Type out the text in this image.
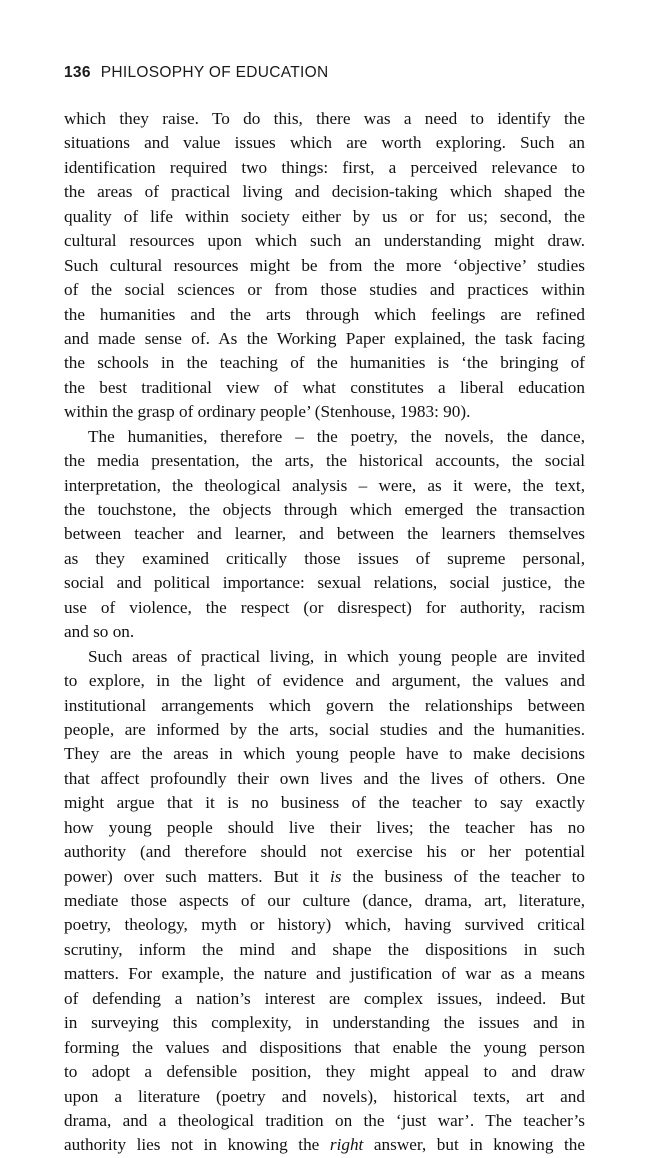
136 PHILOSOPHY OF EDUCATION
which they raise. To do this, there was a need to identify the
situations and value issues which are worth exploring. Such an
identification required two things: first, a perceived relevance to
the areas of practical living and decision-taking which shaped the
quality of life within society either by us or for us; second, the
cultural resources upon which such an understanding might draw.
Such cultural resources might be from the more ‘objective’ studies
of the social sciences or from those studies and practices within
the humanities and the arts through which feelings are refined
and made sense of. As the Working Paper explained, the task facing
the schools in the teaching of the humanities is ‘the bringing of
the best traditional view of what constitutes a liberal education
within the grasp of ordinary people’ (Stenhouse, 1983: 90).
The humanities, therefore – the poetry, the novels, the dance,
the media presentation, the arts, the historical accounts, the social
interpretation, the theological analysis – were, as it were, the text,
the touchstone, the objects through which emerged the transaction
between teacher and learner, and between the learners themselves
as they examined critically those issues of supreme personal,
social and political importance: sexual relations, social justice, the
use of violence, the respect (or disrespect) for authority, racism
and so on.
Such areas of practical living, in which young people are invited
to explore, in the light of evidence and argument, the values and
institutional arrangements which govern the relationships between
people, are informed by the arts, social studies and the humanities.
They are the areas in which young people have to make decisions
that affect profoundly their own lives and the lives of others. One
might argue that it is no business of the teacher to say exactly
how young people should live their lives; the teacher has no
authority (and therefore should not exercise his or her potential
power) over such matters. But it is the business of the teacher to
mediate those aspects of our culture (dance, drama, art, literature,
poetry, theology, myth or history) which, having survived critical
scrutiny, inform the mind and shape the dispositions in such
matters. For example, the nature and justification of war as a means
of defending a nation’s interest are complex issues, indeed. But
in surveying this complexity, in understanding the issues and in
forming the values and dispositions that enable the young person
to adopt a defensible position, they might appeal to and draw
upon a literature (poetry and novels), historical texts, art and
drama, and a theological tradition on the ‘just war’. The teacher’s
authority lies not in knowing the right answer, but in knowing the
